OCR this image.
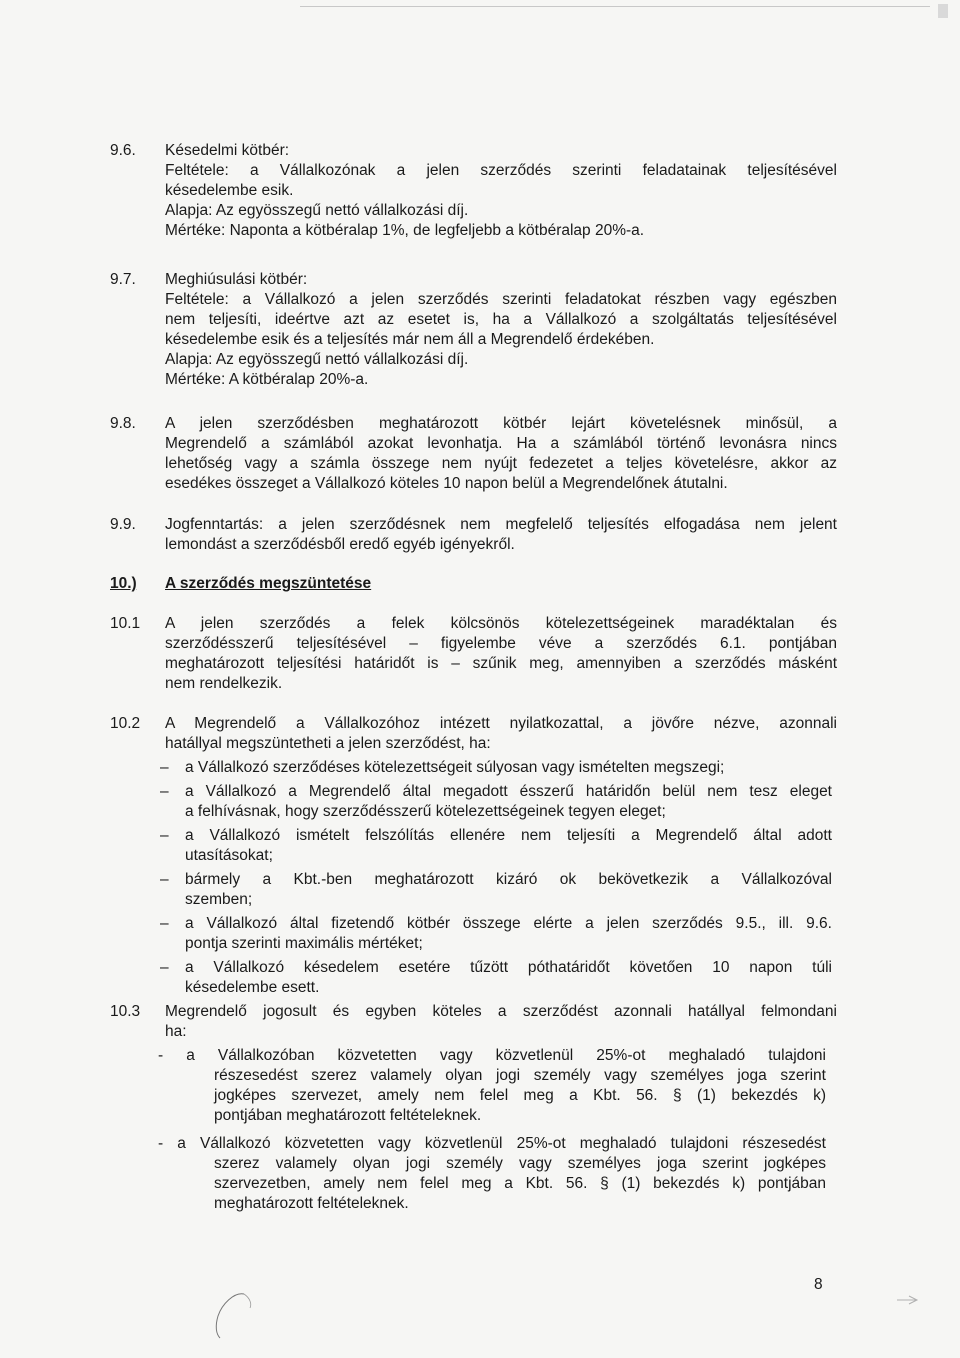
9.6. Késedelmi kötbér:
Feltétele: a Vállalkozónak a jelen szerződés szerinti feladatainak teljesítésével
késedelembe esik.
Alapja: Az egyösszegű nettó vállalkozási díj.
Mértéke: Naponta a kötbéralap 1%, de legfeljebb a kötbéralap 20%-a.
9.7. Meghiúsulási kötbér:
Feltétele: a Vállalkozó a jelen szerződés szerinti feladatokat részben vagy egészben
nem teljesíti, ideértve azt az esetet is, ha a Vállalkozó a szolgáltatás teljesítésével
késedelembe esik és a teljesítés már nem áll a Megrendelő érdekében.
Alapja: Az egyösszegű nettó vállalkozási díj.
Mértéke: A kötbéralap 20%-a.
9.8. A jelen szerződésben meghatározott kötbér lejárt követelésnek minősül, a
Megrendelő a számlából azokat levonhatja. Ha a számlából történő levonásra nincs
lehetőség vagy a számla összege nem nyújt fedezetet a teljes követelésre, akkor az
esedékes összeget a Vállalkozó köteles 10 napon belül a Megrendelőnek átutalni.
9.9. Jogfenntartás: a jelen szerződésnek nem megfelelő teljesítés elfogadása nem jelent
lemondást a szerződésből eredő egyéb igényekről.
10.) A szerződés megszüntetése
10.1 A jelen szerződés a felek kölcsönös kötelezettségeinek maradéktalan és
szerződésszerű teljesítésével – figyelembe véve a szerződés 6.1. pontjában
meghatározott teljesítési határidőt is – szűnik meg, amennyiben a szerződés másként
nem rendelkezik.
10.2 A Megrendelő a Vállalkozóhoz intézett nyilatkozattal, a jövőre nézve, azonnali
hatállyal megszüntetheti a jelen szerződést, ha:
– a Vállalkozó szerződéses kötelezettségeit súlyosan vagy ismételten megszegi;
– a Vállalkozó a Megrendelő által megadott ésszerű határidőn belül nem tesz eleget
a felhívásnak, hogy szerződésszerű kötelezettségeinek tegyen eleget;
– a Vállalkozó ismételt felszólítás ellenére nem teljesíti a Megrendelő által adott
utasításokat;
– bármely a Kbt.-ben meghatározott kizáró ok bekövetkezik a Vállalkozóval
szemben;
– a Vállalkozó által fizetendő kötbér összege elérte a jelen szerződés 9.5., ill. 9.6.
pontja szerinti maximális mértéket;
– a Vállalkozó késedelem esetére tűzött póthatáridőt követően 10 napon túli
késedelembe esett.
10.3 Megrendelő jogosult és egyben köteles a szerződést azonnali hatállyal felmondani
ha:
- a Vállalkozóban közvetetten vagy közvetlenül 25%-ot meghaladó tulajdoni
részesedést szerez valamely olyan jogi személy vagy személyes joga szerint
jogképes szervezet, amely nem felel meg a Kbt. 56. § (1) bekezdés k)
pontjában meghatározott feltételeknek.
- a Vállalkozó közvetetten vagy közvetlenül 25%-ot meghaladó tulajdoni részesedést
szerez valamely olyan jogi személy vagy személyes joga szerint jogképes
szervezetben, amely nem felel meg a Kbt. 56. § (1) bekezdés k) pontjában
meghatározott feltételeknek.
8
